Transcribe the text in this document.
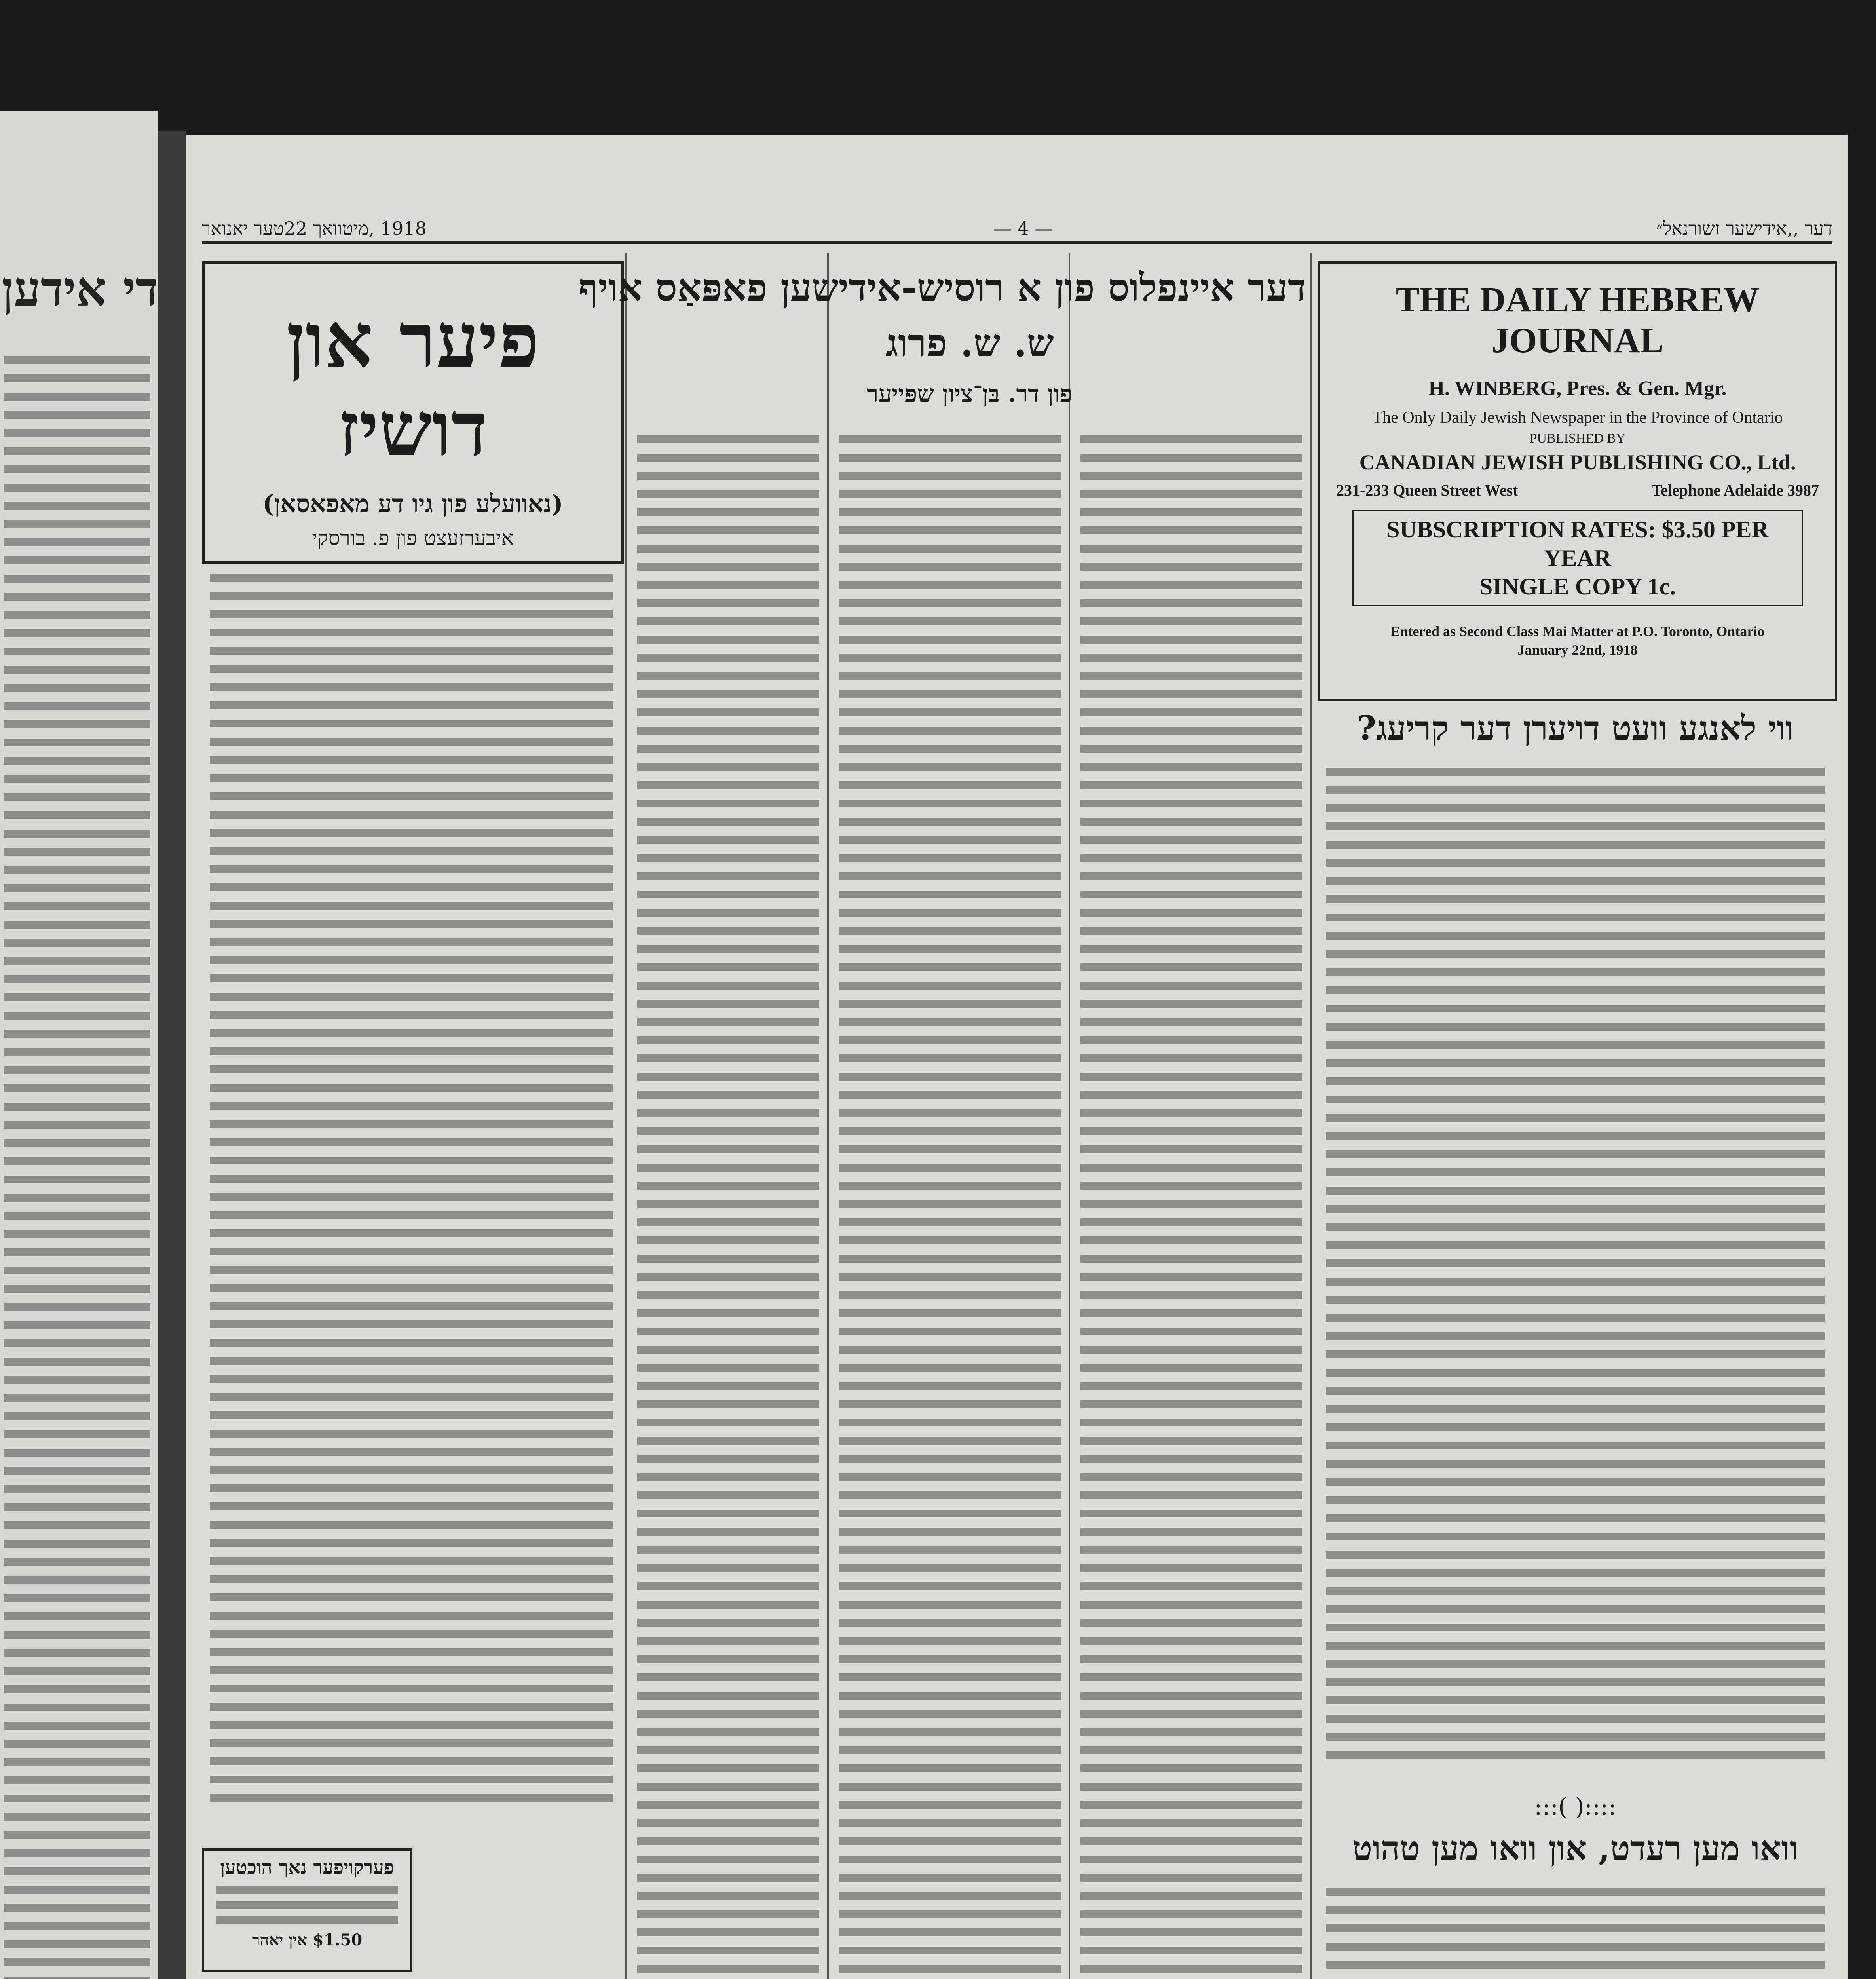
די אידען
1918 ,מיטוואך 22טער יאנואר	— 4 —	דער ,,אידישער זשורנאל״
פיער און דושיז
(נאוועלע פון גיו דע מאפאסאן)
איבערזעצט פון פ. בורסקי
דער איינפלוס פון א רוסיש-אידישען פאפּאַס אויף
ש. ש. פרוג
פון דר. בּן־ציון שפּייער
THE DAILY HEBREW JOURNAL
H. WINBERG, Pres. & Gen. Mgr.
The Only Daily Jewish Newspaper in the Province of Ontario
PUBLISHED BY
CANADIAN JEWISH PUBLISHING CO., Ltd.
231-233 Queen Street West	Telephone Adelaide 3987
SUBSCRIPTION RATES: $3.50 PER YEAR
SINGLE COPY 1c.
Entered as Second Class Mai Matter at P.O. Toronto, Ontario
January 22nd, 1918
ווי לאנגע וועט דויערן דער קריעג?
:::( )::::
וואו מען רעדט, און וואו מען טהוט
פערקויפער נאך הוכטען
$1.50 אין יאהר
